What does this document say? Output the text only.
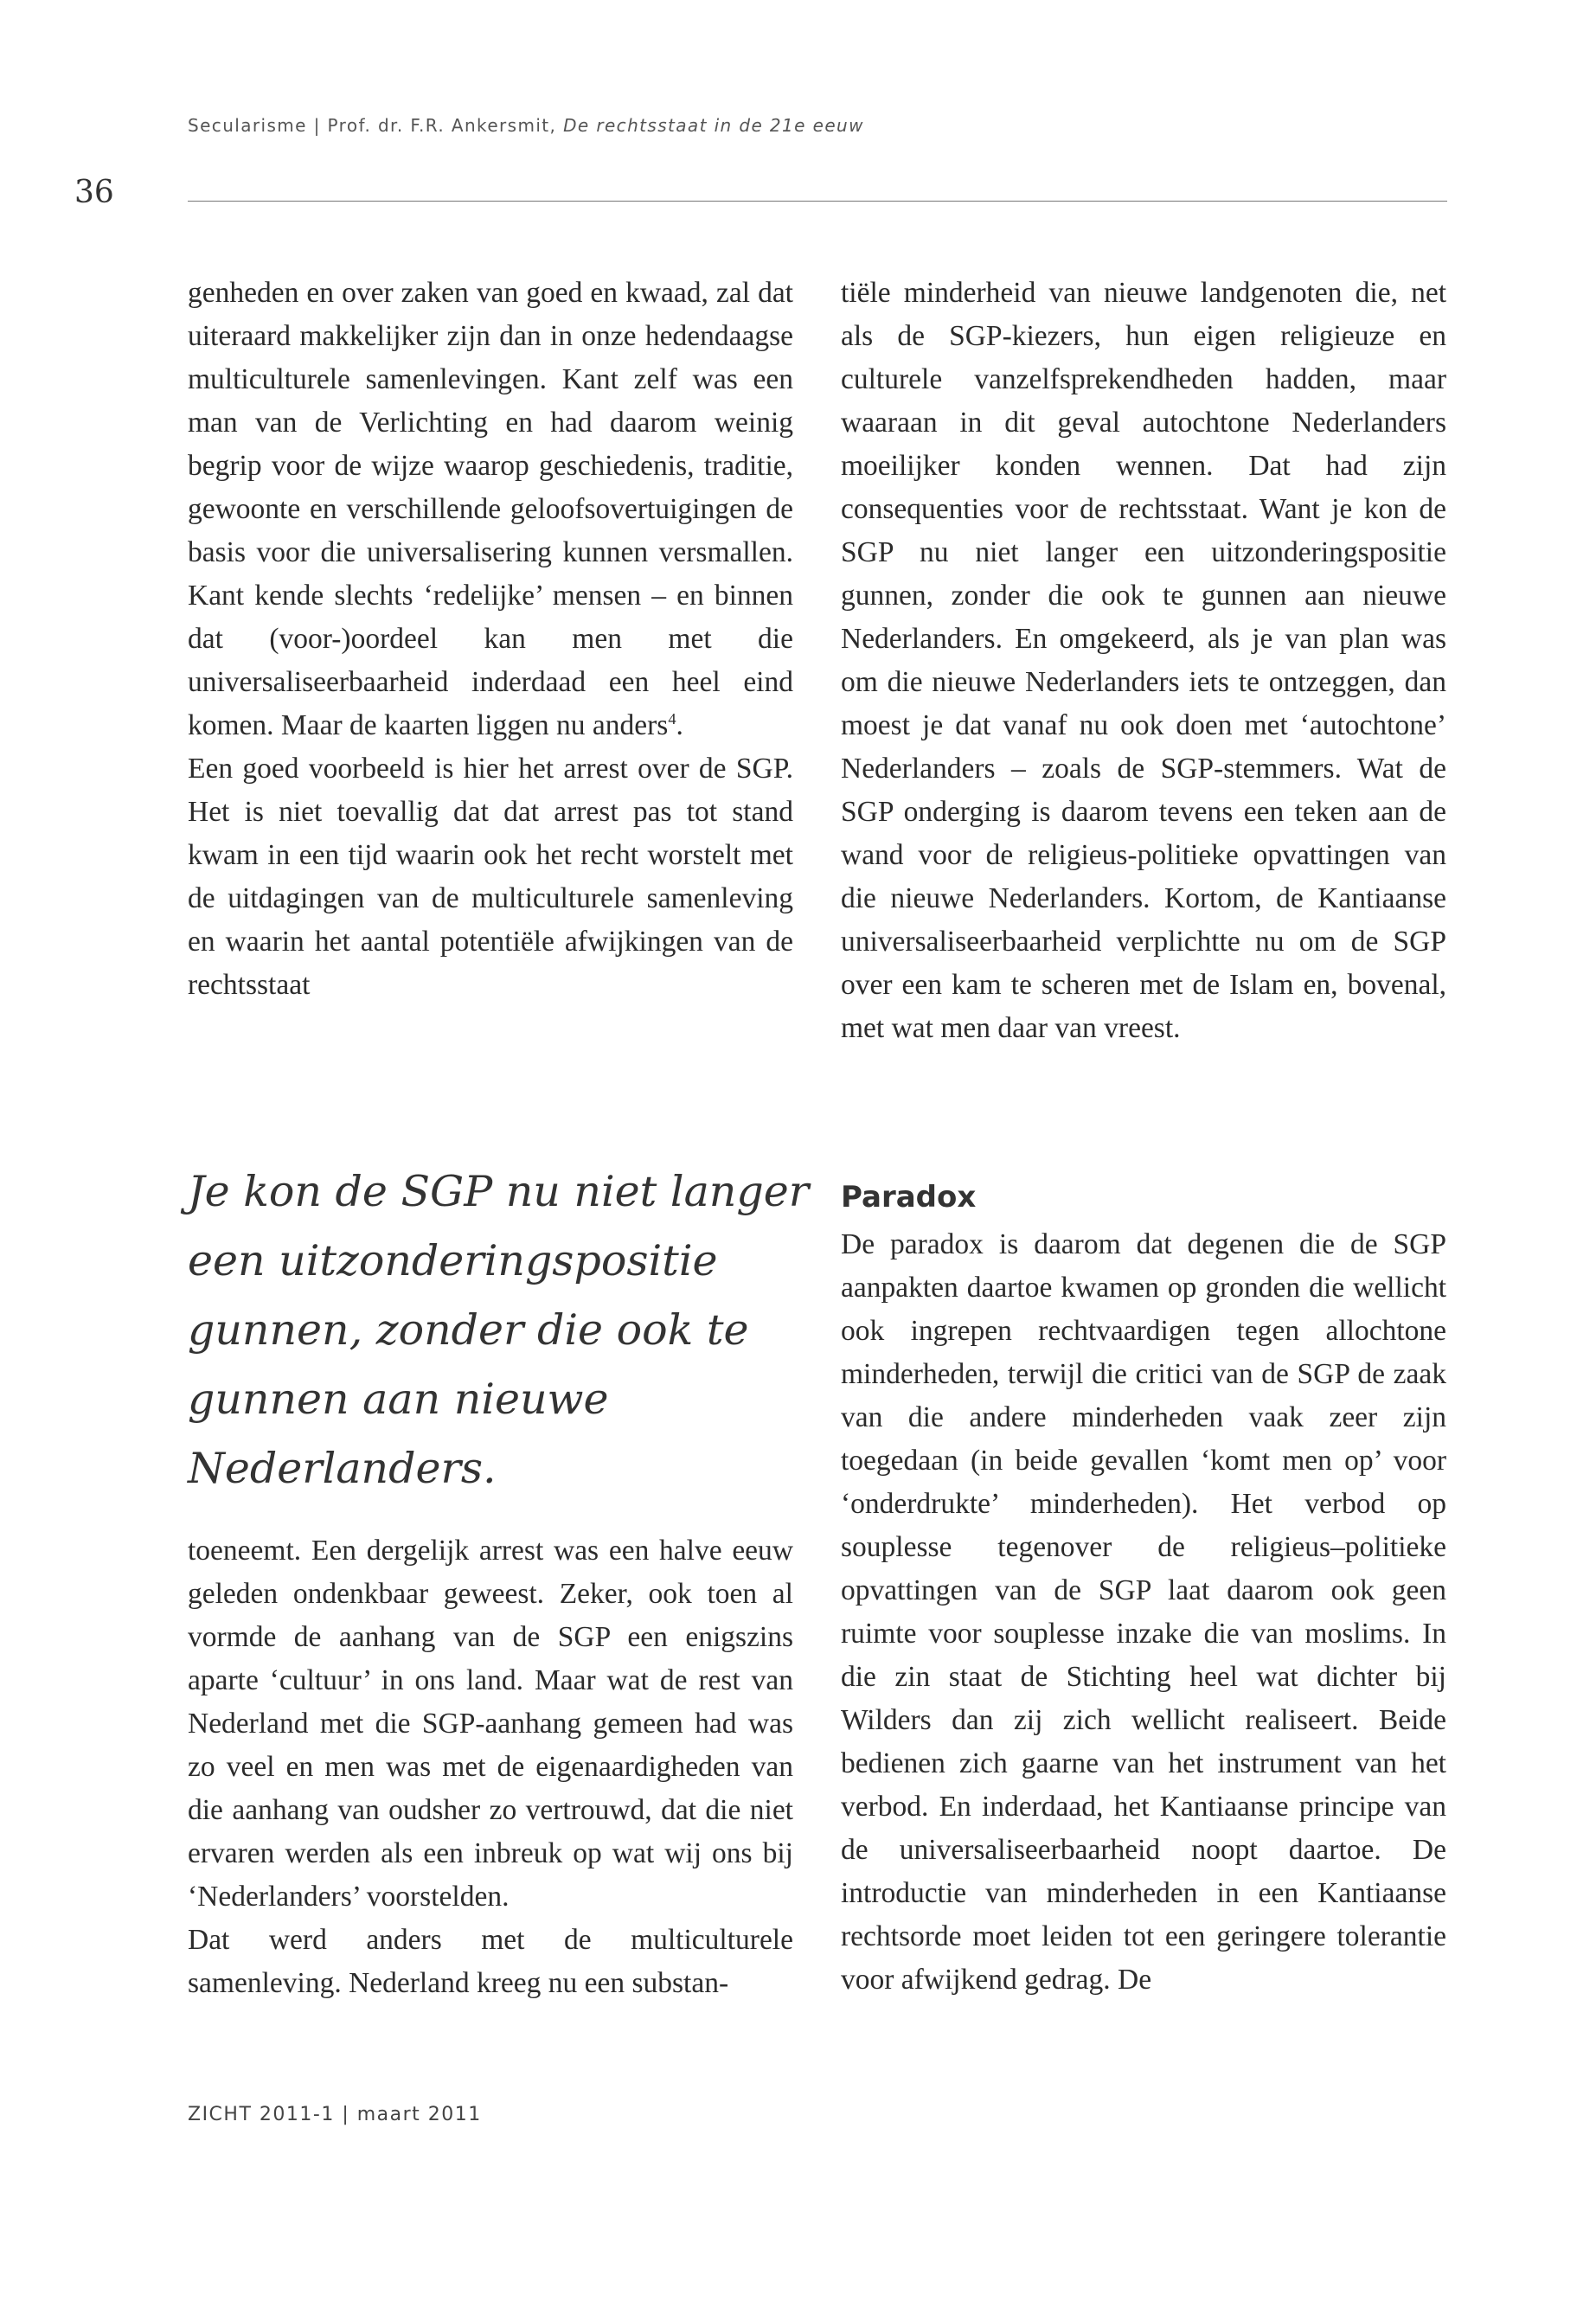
Secularisme | Prof. dr. F.R. Ankersmit, De rechtsstaat in de 21e eeuw
36

genheden en over zaken van goed en kwaad, zal dat uiteraard makkelijker zijn dan in onze hedendaagse multiculturele samenlevingen. Kant zelf was een man van de Verlichting en had daarom weinig begrip voor de wijze waarop geschiedenis, traditie, gewoonte en verschillende geloofsovertuigingen de basis voor die universalisering kunnen versmallen. Kant kende slechts ‘redelijke’ mensen – en binnen dat (voor-)oordeel kan men met die universaliseerbaarheid inderdaad een heel eind komen. Maar de kaarten liggen nu anders$^4$.

Een goed voorbeeld is hier het arrest over de SGP. Het is niet toevallig dat dat arrest pas tot stand kwam in een tijd waarin ook het recht worstelt met de uitdagingen van de multiculturele samenleving en waarin het aantal potentiële afwijkingen van de rechtsstaat

Je kon de SGP nu niet langer een uitzonderingspositie gunnen, zonder die ook te gunnen aan nieuwe Nederlanders.

toeneemt. Een dergelijk arrest was een halve eeuw geleden ondenkbaar geweest. Zeker, ook toen al vormde de aanhang van de SGP een enigszins aparte ‘cultuur’ in ons land. Maar wat de rest van Nederland met die SGP-aanhang gemeen had was zo veel en men was met de eigenaardigheden van die aanhang van oudsher zo vertrouwd, dat die niet ervaren werden als een inbreuk op wat wij ons bij ‘Nederlanders’ voorstelden.

Dat werd anders met de multiculturele samenleving. Nederland kreeg nu een substan-

tiële minderheid van nieuwe landgenoten die, net als de SGP-kiezers, hun eigen religieuze en culturele vanzelfsprekendheden hadden, maar waaraan in dit geval autochtone Nederlanders moeilijker konden wennen. Dat had zijn consequenties voor de rechtsstaat. Want je kon de SGP nu niet langer een uitzonderingspositie gunnen, zonder die ook te gunnen aan nieuwe Nederlanders. En omgekeerd, als je van plan was om die nieuwe Nederlanders iets te ontzeggen, dan moest je dat vanaf nu ook doen met ‘autochtone’ Nederlanders – zoals de SGP-stemmers. Wat de SGP onderging is daarom tevens een teken aan de wand voor de religieus-politieke opvattingen van die nieuwe Nederlanders. Kortom, de Kantiaanse universaliseerbaarheid verplichtte nu om de SGP over een kam te scheren met de Islam en, bovenal, met wat men daar van vreest.

Paradox

De paradox is daarom dat degenen die de SGP aanpakten daartoe kwamen op gronden die wellicht ook ingrepen rechtvaardigen tegen allochtone minderheden, terwijl die critici van de SGP de zaak van die andere minderheden vaak zeer zijn toegedaan (in beide gevallen ‘komt men op’ voor ‘onderdrukte’ minderheden). Het verbod op souplesse tegenover de religieus–politieke opvattingen van de SGP laat daarom ook geen ruimte voor souplesse inzake die van moslims. In die zin staat de Stichting heel wat dichter bij Wilders dan zij zich wellicht realiseert. Beide bedienen zich gaarne van het instrument van het verbod. En inderdaad, het Kantiaanse principe van de universaliseerbaarheid noopt daartoe. De introductie van minderheden in een Kantiaanse rechtsorde moet leiden tot een geringere tolerantie voor afwijkend gedrag. De

ZICHT 2011-1 | maart 2011
